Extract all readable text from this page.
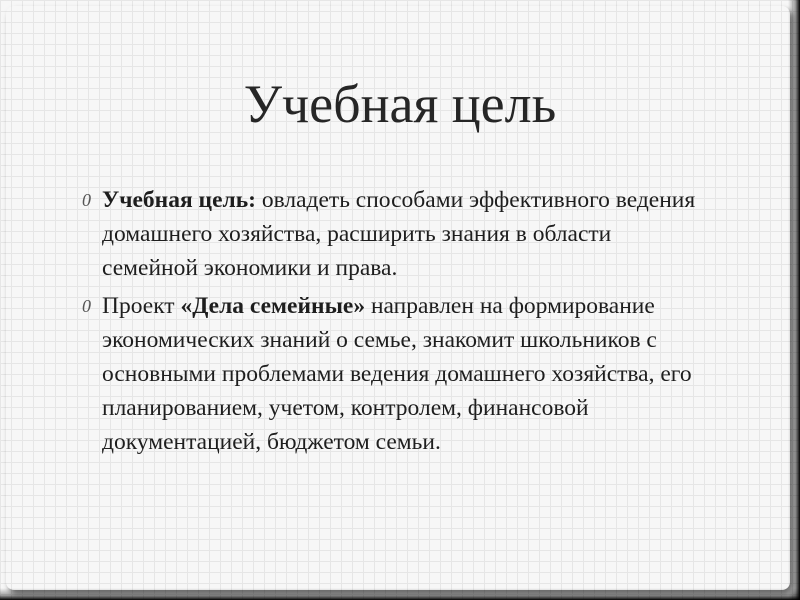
Учебная цель
0 Учебная цель: овладеть способами эффективного ведения домашнего хозяйства, расширить знания в области семейной экономики и права.
0 Проект «Дела семейные» направлен на формирование экономических знаний о семье, знакомит школьников с основными проблемами ведения домашнего хозяйства, его планированием, учетом, контролем, финансовой документацией, бюджетом семьи.
